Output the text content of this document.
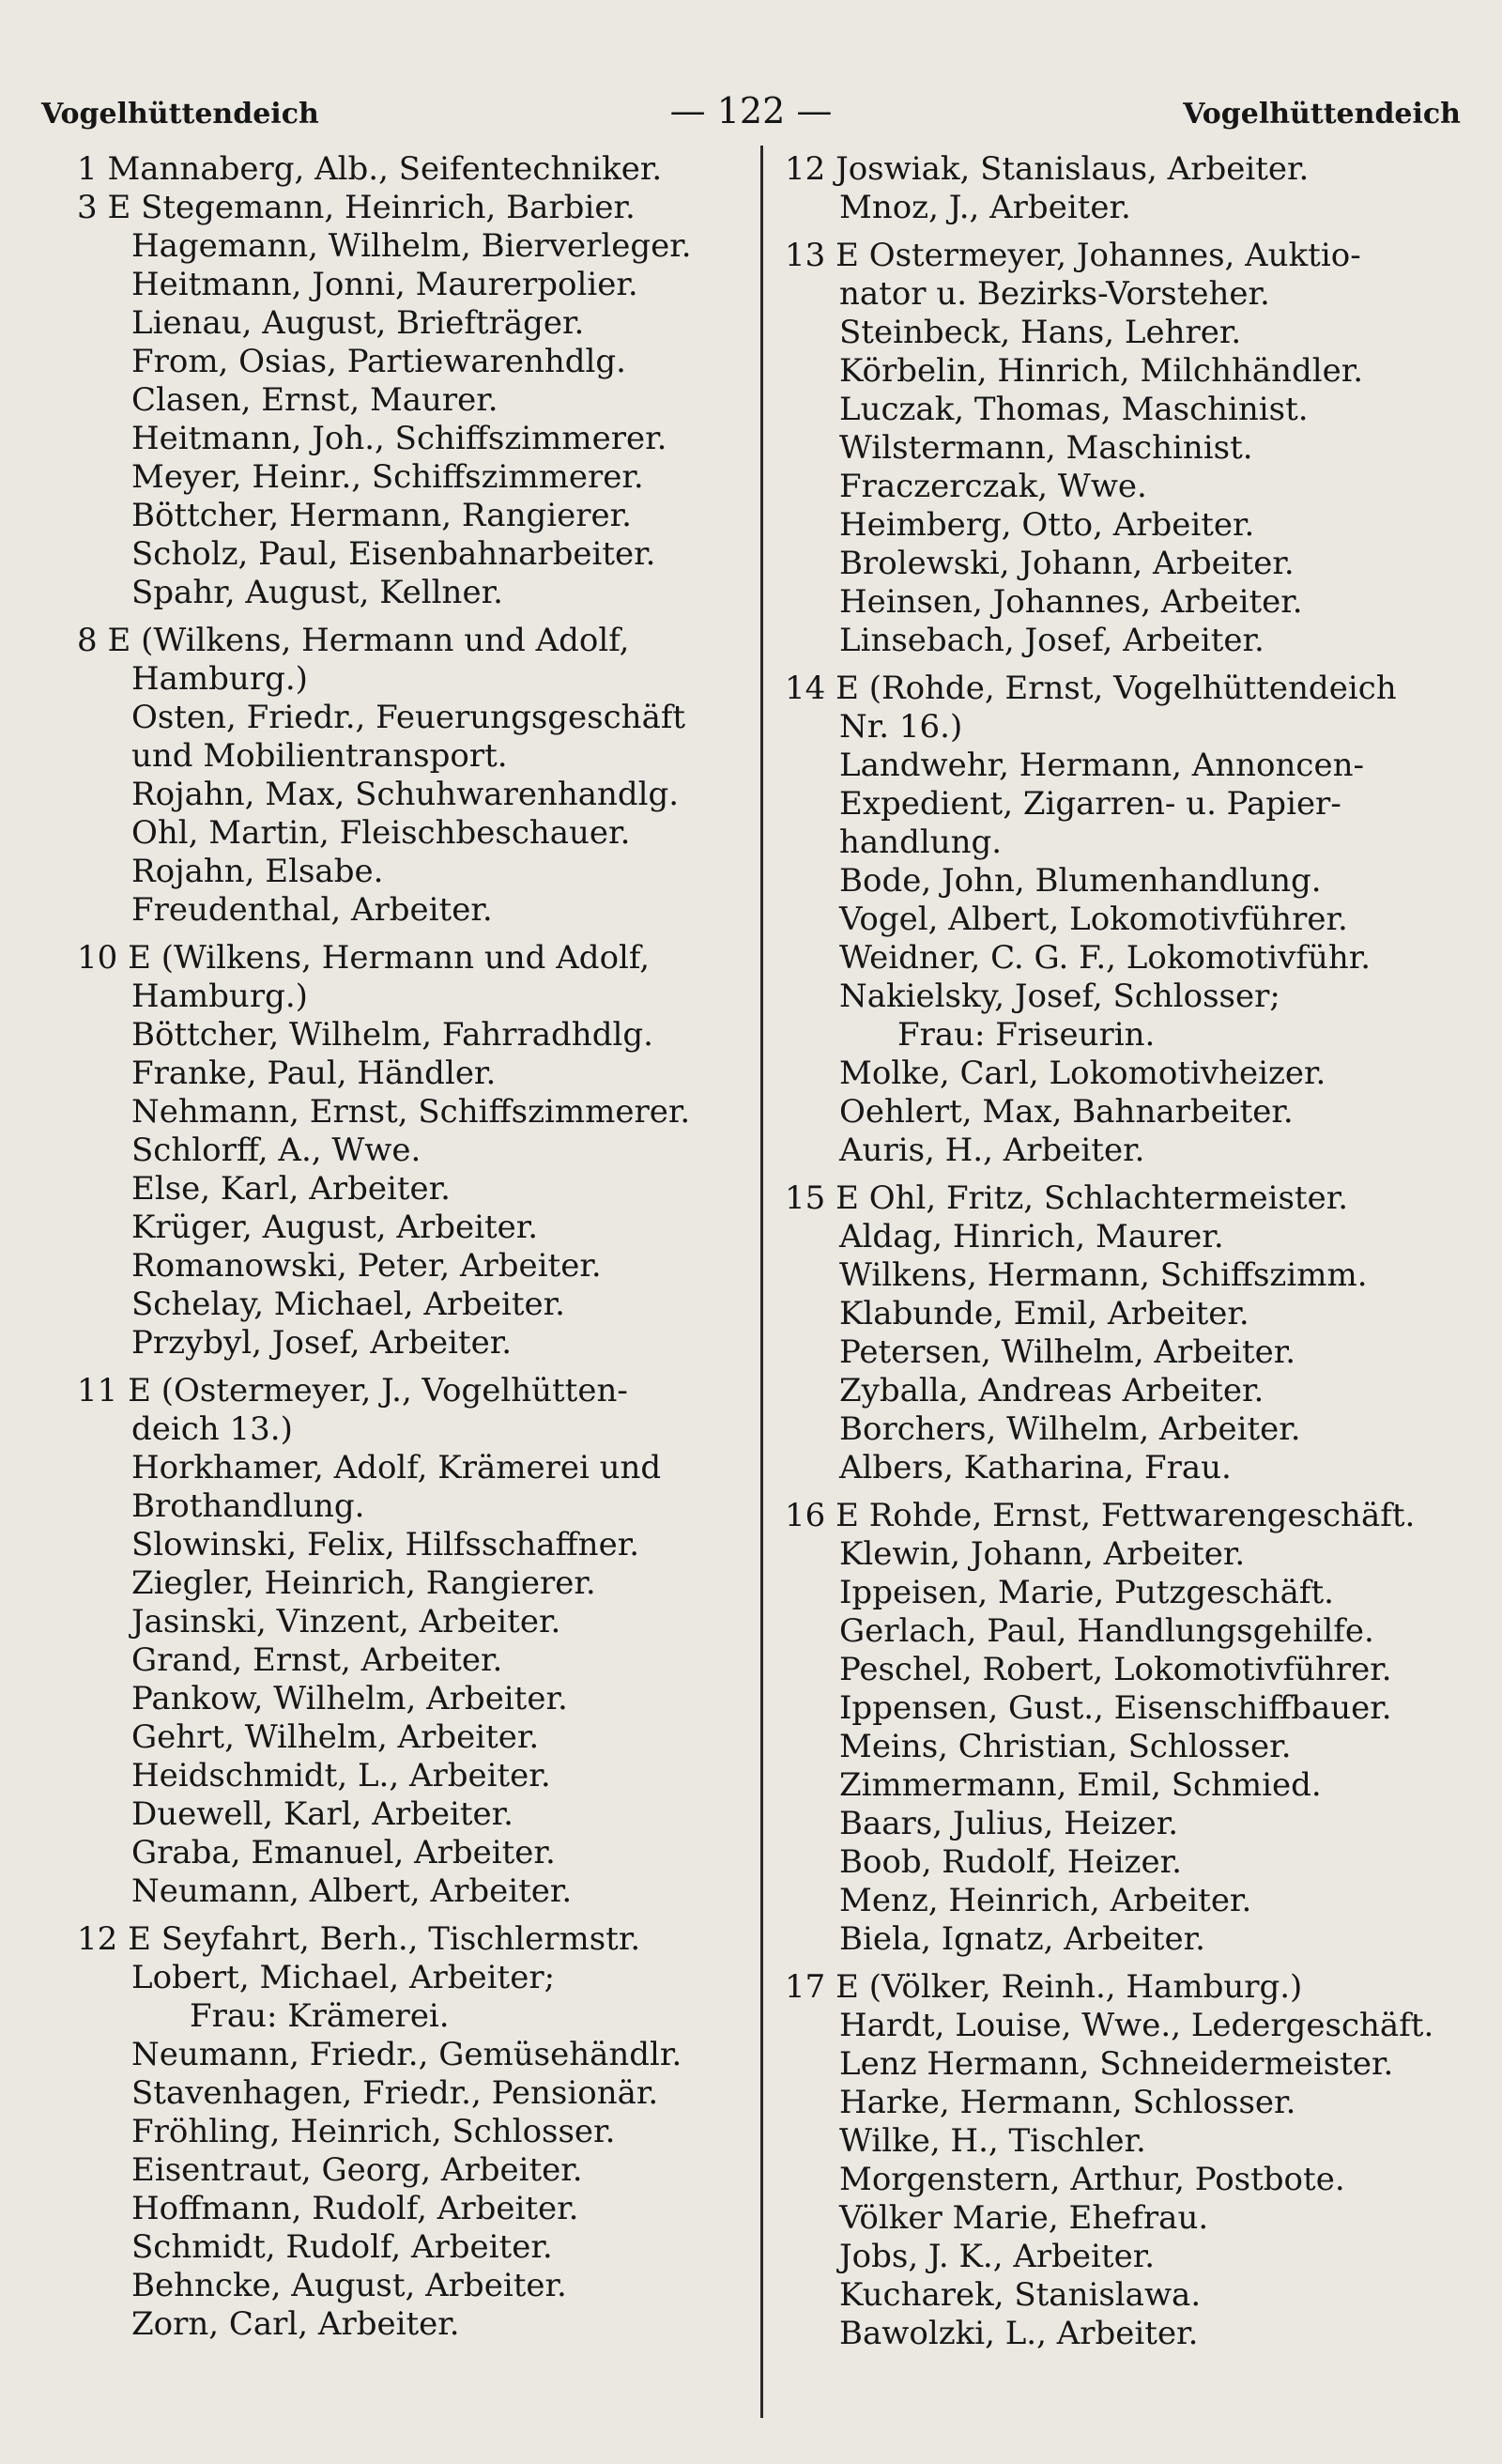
Vogelhüttendeich	— 122 —	Vogelhüttendeich
1 Mannaberg, Alb., Seifentechniker.
3 E Stegemann, Heinrich, Barbier.
Hagemann, Wilhelm, Bierverleger.
Heitmann, Jonni, Maurerpolier.
Lienau, August, Briefträger.
From, Osias, Partiewarenhdlg.
Clasen, Ernst, Maurer.
Heitmann, Joh., Schiffszimmerer.
Meyer, Heinr., Schiffszimmerer.
Böttcher, Hermann, Rangierer.
Scholz, Paul, Eisenbahnarbeiter.
Spahr, August, Kellner.
8 E (Wilkens, Hermann und Adolf,
Hamburg.)
Osten, Friedr., Feuerungsgeschäft
und Mobilientransport.
Rojahn, Max, Schuhwarenhandlg.
Ohl, Martin, Fleischbeschauer.
Rojahn, Elsabe.
Freudenthal, Arbeiter.
10 E (Wilkens, Hermann und Adolf,
Hamburg.)
Böttcher, Wilhelm, Fahrradhdlg.
Franke, Paul, Händler.
Nehmann, Ernst, Schiffszimmerer.
Schlorff, A., Wwe.
Else, Karl, Arbeiter.
Krüger, August, Arbeiter.
Romanowski, Peter, Arbeiter.
Schelay, Michael, Arbeiter.
Przybyl, Josef, Arbeiter.
11 E (Ostermeyer, J., Vogelhütten-
deich 13.)
Horkhamer, Adolf, Krämerei und
Brothandlung.
Slowinski, Felix, Hilfsschaffner.
Ziegler, Heinrich, Rangierer.
Jasinski, Vinzent, Arbeiter.
Grand, Ernst, Arbeiter.
Pankow, Wilhelm, Arbeiter.
Gehrt, Wilhelm, Arbeiter.
Heidschmidt, L., Arbeiter.
Duewell, Karl, Arbeiter.
Graba, Emanuel, Arbeiter.
Neumann, Albert, Arbeiter.
12 E Seyfahrt, Berh., Tischlermstr.
Lobert, Michael, Arbeiter;
Frau: Krämerei.
Neumann, Friedr., Gemüsehändlr.
Stavenhagen, Friedr., Pensionär.
Fröhling, Heinrich, Schlosser.
Eisentraut, Georg, Arbeiter.
Hoffmann, Rudolf, Arbeiter.
Schmidt, Rudolf, Arbeiter.
Behncke, August, Arbeiter.
Zorn, Carl, Arbeiter.
12 Joswiak, Stanislaus, Arbeiter.
Mnoz, J., Arbeiter.
13 E Ostermeyer, Johannes, Auktio-
nator u. Bezirks-Vorsteher.
Steinbeck, Hans, Lehrer.
Körbelin, Hinrich, Milchhändler.
Luczak, Thomas, Maschinist.
Wilstermann, Maschinist.
Fraczerczak, Wwe.
Heimberg, Otto, Arbeiter.
Brolewski, Johann, Arbeiter.
Heinsen, Johannes, Arbeiter.
Linsebach, Josef, Arbeiter.
14 E (Rohde, Ernst, Vogelhüttendeich
Nr. 16.)
Landwehr, Hermann, Annoncen-
Expedient, Zigarren- u. Papier-
handlung.
Bode, John, Blumenhandlung.
Vogel, Albert, Lokomotivführer.
Weidner, C. G. F., Lokomotivführ.
Nakielsky, Josef, Schlosser;
Frau: Friseurin.
Molke, Carl, Lokomotivheizer.
Oehlert, Max, Bahnarbeiter.
Auris, H., Arbeiter.
15 E Ohl, Fritz, Schlachtermeister.
Aldag, Hinrich, Maurer.
Wilkens, Hermann, Schiffszimm.
Klabunde, Emil, Arbeiter.
Petersen, Wilhelm, Arbeiter.
Zyballa, Andreas Arbeiter.
Borchers, Wilhelm, Arbeiter.
Albers, Katharina, Frau.
16 E Rohde, Ernst, Fettwarengeschäft.
Klewin, Johann, Arbeiter.
Ippeisen, Marie, Putzgeschäft.
Gerlach, Paul, Handlungsgehilfe.
Peschel, Robert, Lokomotivführer.
Ippensen, Gust., Eisenschiffbauer.
Meins, Christian, Schlosser.
Zimmermann, Emil, Schmied.
Baars, Julius, Heizer.
Boob, Rudolf, Heizer.
Menz, Heinrich, Arbeiter.
Biela, Ignatz, Arbeiter.
17 E (Völker, Reinh., Hamburg.)
Hardt, Louise, Wwe., Ledergeschäft.
Lenz Hermann, Schneidermeister.
Harke, Hermann, Schlosser.
Wilke, H., Tischler.
Morgenstern, Arthur, Postbote.
Völker Marie, Ehefrau.
Jobs, J. K., Arbeiter.
Kucharek, Stanislawa.
Bawolzki, L., Arbeiter.
